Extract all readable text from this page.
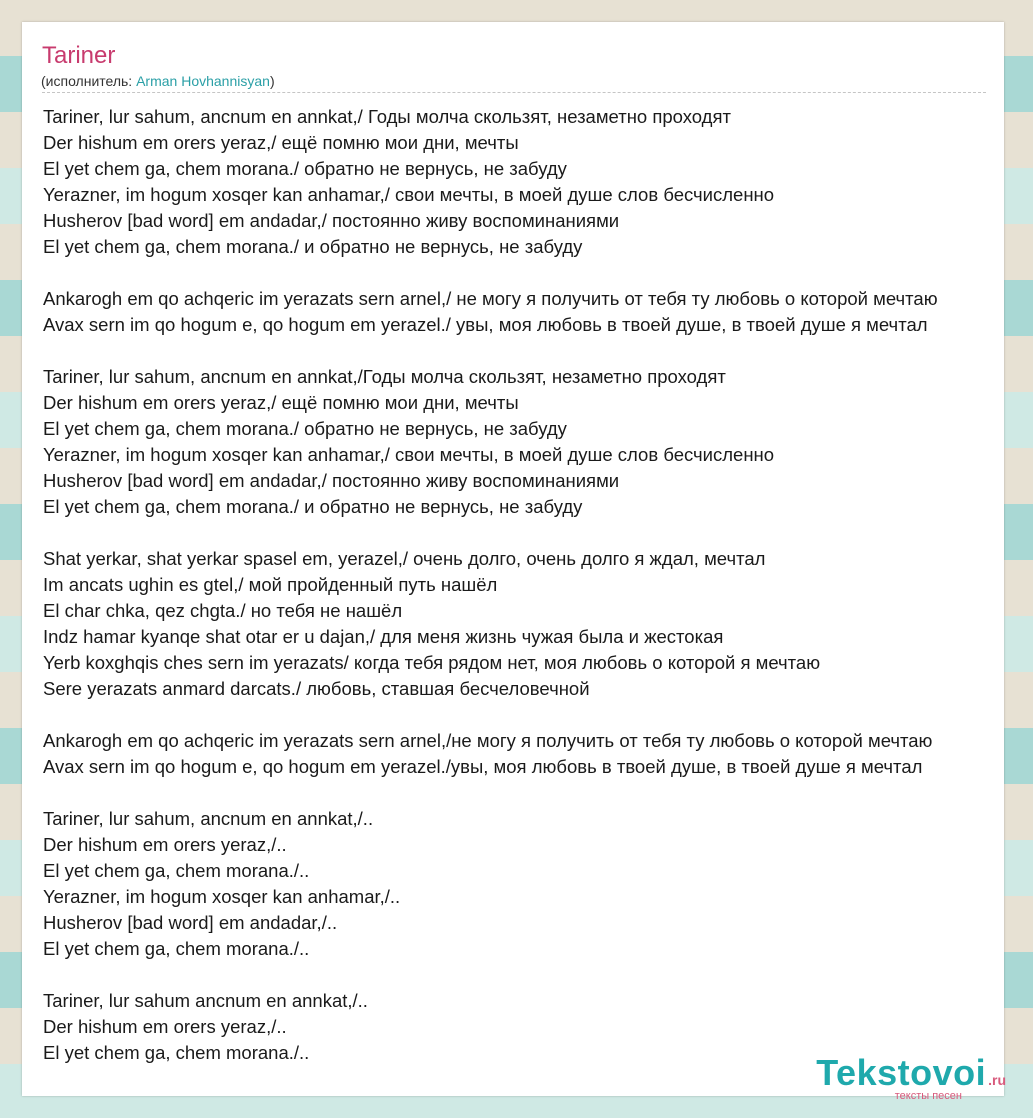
Tariner
(исполнитель: Arman Hovhannisyan)
Tariner, lur sahum, ancnum en annkat,/ Годы молча скользят, незаметно проходят
Der hishum em orers yeraz,/ ещё помню мои дни, мечты
El yet chem ga, chem morana./ обратно не вернусь, не забуду
Yerazner, im hogum xosqer kan anhamar,/ свои мечты, в моей душе слов бесчисленно
Husherov [bad word] em andadar,/ постоянно живу воспоминаниями
El yet chem ga, chem morana./ и обратно не вернусь, не забуду
Ankarogh em qo achqeric im yerazats sern arnel,/ не могу я получить от тебя ту любовь о которой мечтаю
Avax sern im qo hogum e, qo hogum em yerazel./ увы, моя любовь в твоей душе, в твоей душе я мечтал
Tariner, lur sahum, ancnum en annkat,/Годы молча скользят, незаметно проходят
Der hishum em orers yeraz,/ ещё помню мои дни, мечты
El yet chem ga, chem morana./ обратно не вернусь, не забуду
Yerazner, im hogum xosqer kan anhamar,/ свои мечты, в моей душе слов бесчисленно
Husherov [bad word] em andadar,/ постоянно живу воспоминаниями
El yet chem ga, chem morana./ и обратно не вернусь, не забуду
Shat yerkar, shat yerkar spasel em, yerazel,/ очень долго, очень долго я ждал, мечтал
Im ancats ughin es gtel,/ мой пройденный путь нашёл
El char chka, qez chgta./ но тебя не нашёл
Indz hamar kyanqe shat otar er u dajan,/ для меня жизнь чужая была и жестокая
Yerb koxghqis ches sern im yerazats/ когда тебя рядом нет, моя любовь о которой я мечтаю
Sere yerazats anmard darcats./ любовь, ставшая бесчеловечной
Ankarogh em qo achqeric im yerazats sern arnel,/не могу я получить от тебя ту любовь о которой мечтаю
Avax sern im qo hogum e, qo hogum em yerazel./увы, моя любовь в твоей душе, в твоей душе я мечтал
Tariner, lur sahum, ancnum en annkat,/..
Der hishum em orers yeraz,/..
El yet chem ga, chem morana./..
Yerazner, im hogum xosqer kan anhamar,/..
Husherov [bad word] em andadar,/..
El yet chem ga, chem morana./..
Tariner, lur sahum ancnum en annkat,/..
Der hishum em orers yeraz,/..
El yet chem ga, chem morana./..	Tekstovoi .ru
тексты песен
